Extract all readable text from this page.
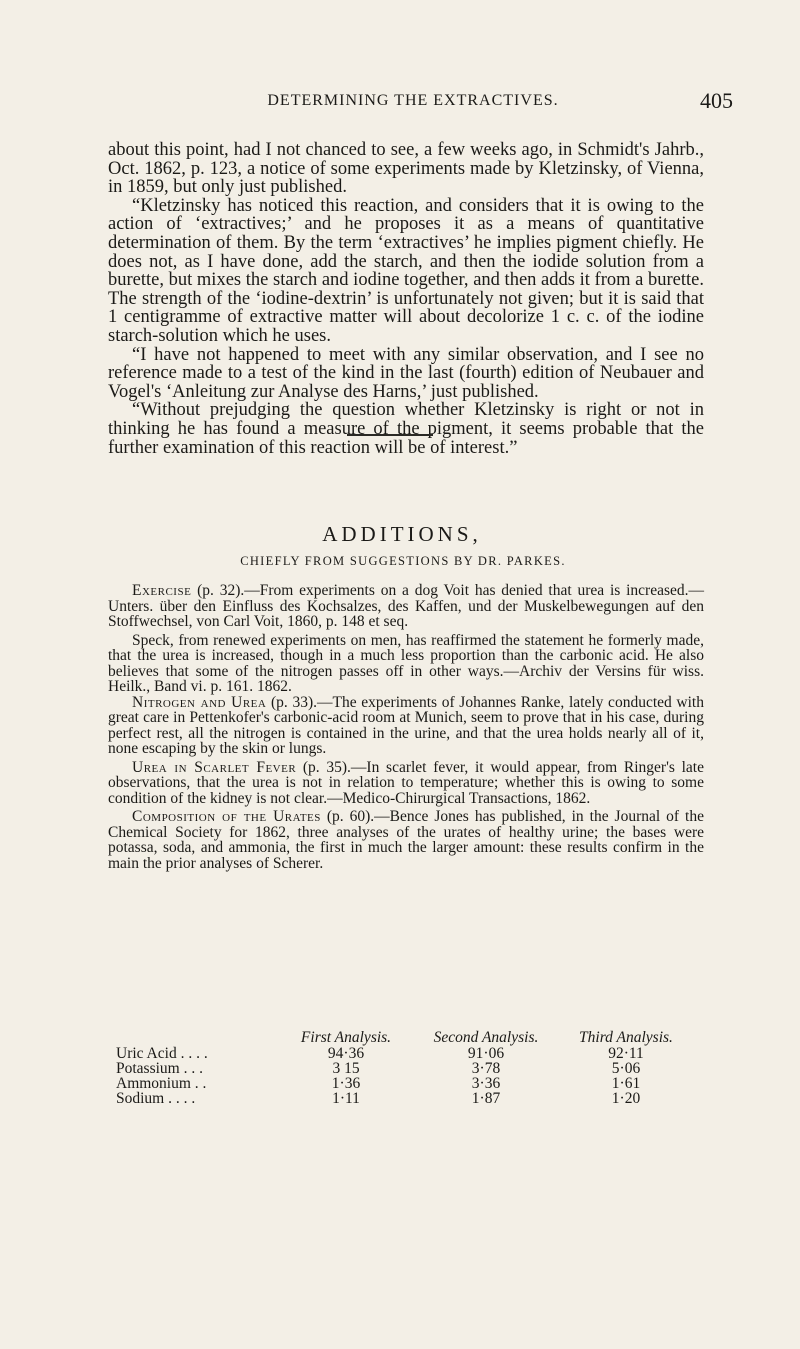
DETERMINING THE EXTRACTIVES.	405

about this point, had I not chanced to see, a few weeks ago, in Schmidt's Jahrb., Oct. 1862, p. 123, a notice of some experiments made by Kletzinsky, of Vienna, in 1859, but only just published.

“Kletzinsky has noticed this reaction, and considers that it is owing to the action of ‘extractives;’ and he proposes it as a means of quantitative determination of them. By the term ‘extractives’ he implies pigment chiefly. He does not, as I have done, add the starch, and then the iodide solution from a burette, but mixes the starch and iodine together, and then adds it from a burette. The strength of the ‘iodine-dextrin’ is unfortunately not given; but it is said that 1 centigramme of extractive matter will about decolorize 1 c. c. of the iodine starch-solution which he uses.

“I have not happened to meet with any similar observation, and I see no reference made to a test of the kind in the last (fourth) edition of Neubauer and Vogel's ‘Anleitung zur Analyse des Harns,’ just published.

“Without prejudging the question whether Kletzinsky is right or not in thinking he has found a measure of the pigment, it seems probable that the further examination of this reaction will be of interest.”

ADDITIONS,
CHIEFLY FROM SUGGESTIONS BY DR. PARKES.

Exercise (p. 32).—From experiments on a dog Voit has denied that urea is increased.—Unters. über den Einfluss des Kochsalzes, des Kaffen, und der Muskelbewegungen auf den Stoffwechsel, von Carl Voit, 1860, p. 148 et seq.

Speck, from renewed experiments on men, has reaffirmed the statement he formerly made, that the urea is increased, though in a much less proportion than the carbonic acid. He also believes that some of the nitrogen passes off in other ways.—Archiv der Versins für wiss. Heilk., Band vi. p. 161. 1862.

Nitrogen and Urea (p. 33).—The experiments of Johannes Ranke, lately conducted with great care in Pettenkofer's carbonic-acid room at Munich, seem to prove that in his case, during perfect rest, all the nitrogen is contained in the urine, and that the urea holds nearly all of it, none escaping by the skin or lungs.

Urea in Scarlet Fever (p. 35).—In scarlet fever, it would appear, from Ringer's late observations, that the urea is not in relation to temperature; whether this is owing to some condition of the kidney is not clear.—Medico-Chirurgical Transactions, 1862.

Composition of the Urates (p. 60).—Bence Jones has published, in the Journal of the Chemical Society for 1862, three analyses of the urates of healthy urine; the bases were potassa, soda, and ammonia, the first in much the larger amount: these results confirm in the main the prior analyses of Scherer.

	First Analysis.	Second Analysis.	Third Analysis.
Uric Acid . . . .	94·36	91·06	92·11
Potassium . . .	3 15	3·78	5·06
Ammonium . .	1·36	3·36	1·61
Sodium . . . .	1·11	1·87	1·20
